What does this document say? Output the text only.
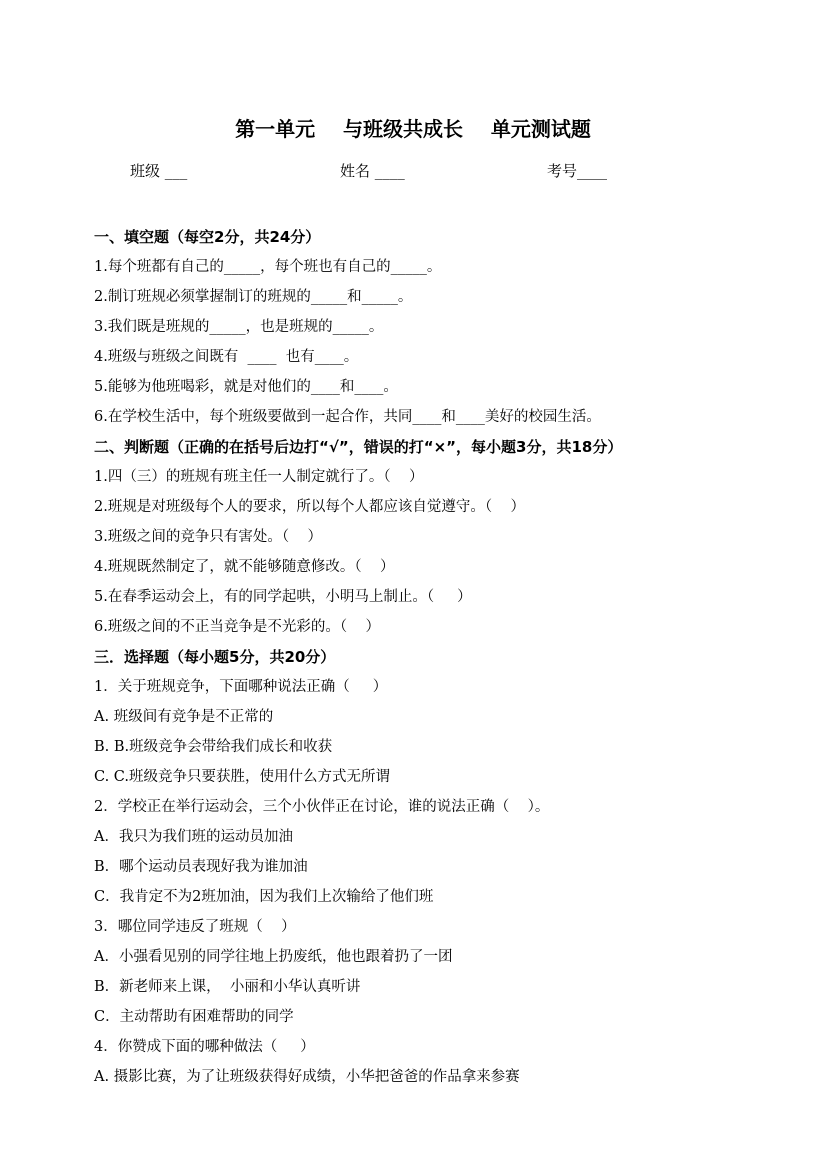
第一单元    与班级共成长    单元测试题
班级 ___	姓名 ____	考号____
一、填空题（每空2分，共24分）
1.每个班都有自己的_____，每个班也有自己的_____。
2.制订班规必须掌握制订的班规的_____和_____。
3.我们既是班规的_____，也是班规的_____。
4.班级与班级之间既有  ____  也有____。
5.能够为他班喝彩，就是对他们的____和____。
6.在学校生活中，每个班级要做到一起合作，共同____和____美好的校园生活。
二、判断题（正确的在括号后边打“√”，错误的打“×”，每小题3分，共18分）
1.四（三）的班规有班主任一人制定就行了。（    ）
2.班规是对班级每个人的要求，所以每个人都应该自觉遵守。（    ）
3.班级之间的竞争只有害处。（    ）
4.班规既然制定了，就不能够随意修改。（    ）
5.在春季运动会上，有的同学起哄，小明马上制止。（     ）
6.班级之间的不正当竞争是不光彩的。（    ）
三．选择题（每小题5分，共20分）
1．关于班规竞争，下面哪种说法正确（     ）
A. 班级间有竞争是不正常的
B. B.班级竞争会带给我们成长和收获
C. C.班级竞争只要获胜，使用什么方式无所谓
2．学校正在举行运动会，三个小伙伴正在讨论，谁的说法正确（    ）。
A．我只为我们班的运动员加油
B．哪个运动员表现好我为谁加油
C．我肯定不为2班加油，因为我们上次输给了他们班
3．哪位同学违反了班规（    ）
A．小强看见别的同学往地上扔废纸，他也跟着扔了一团
B．新老师来上课，  小丽和小华认真听讲
C．主动帮助有困难帮助的同学
4．你赞成下面的哪种做法（     ）
A. 摄影比赛，为了让班级获得好成绩，小华把爸爸的作品拿来参赛
